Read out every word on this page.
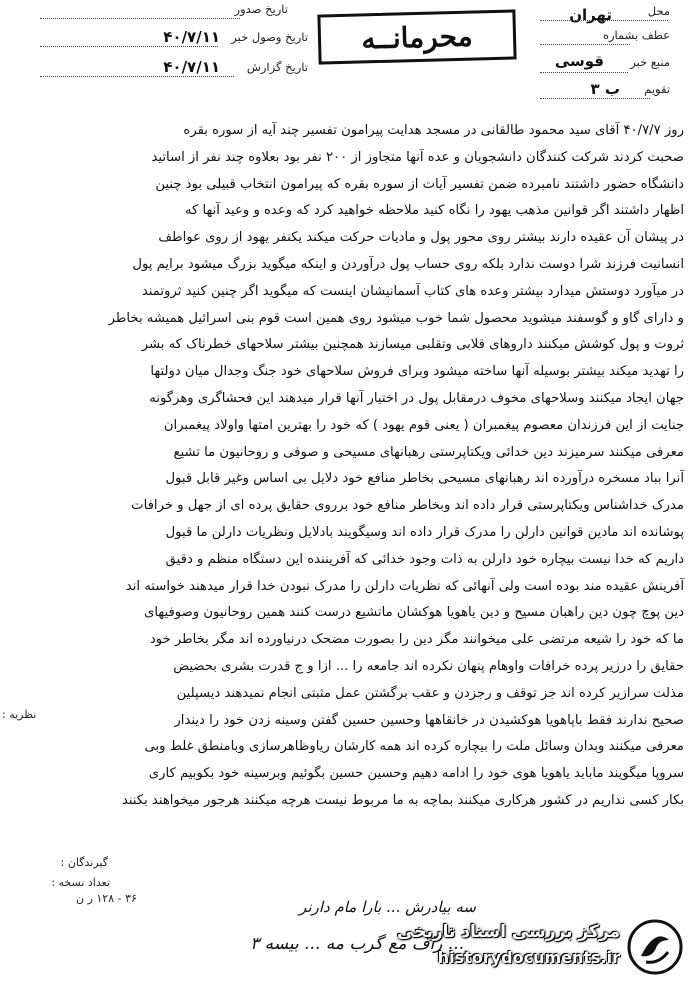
محل
تهران
عطف بشماره
منبع خبر
قوسی
تقویم
ب ۳
محرمانــه
تاریخ صدور
تاریخ وصول خبر
۴۰/۷/۱۱
تاریخ گزارش
۴۰/۷/۱۱

روز ۴۰/۷/۷ آقای سید محمود طالقانی در مسجد هدایت پیرامون تفسیر چند آیه از سوره بقره

صحبت کردند شرکت کنندگان دانشجویان و عده آنها متجاوز از ۲۰۰ نفر بود بعلاوه چند نفر از اساتید

دانشگاه حضور داشتند نامبرده ضمن تفسیر آیات از سوره بقره که پیرامون انتخاب قبیلی بود چنین

اظهار داشتند اگر قوانین مذهب یهود را نگاه کنید ملاحظه خواهید کرد که وعده و وعید آنها که

در پیشان آن عقیده دارند بیشتر روی محور پول و مادیات حرکت میکند یکنفر یهود از روی عواطف

انسانیت فرزند شرا دوست ندارد بلکه روی حساب پول درآوردن و اینکه میگوید بزرگ میشود برایم پول

در میآورد دوستش میدارد بیشتر وعده های کتاب آسمانیشان اینست که میگوید اگر چنین کنید ثروتمند

و دارای گاو و گوسفند میشوید محصول شما خوب میشود روی همین است قوم بنی اسرائیل همیشه بخاطر

ثروت و پول کوشش میکنند داروهای قلابی وتقلبی میسازند همچنین بیشتر سلاحهای خطرناک که بشر

را تهدید میکند بیشتر بوسیله آنها ساخته میشود وبرای فروش سلاحهای خود جنگ وجدال میان دولتها

جهان ایجاد میکنند وسلاحهای مخوف درمقابل پول در اختیار آنها قرار میدهند این فحشاگری وهرگونه

جنایت از این فرزندان معصوم پیغمبران ( یعنی قوم یهود ) که خود را بهترین امتها واولاد پیغمبران

معرفی میکنند سرمیزند دین خدائی ویکتاپرستی رهبانهای مسیحی و صوفی و روحانیون ما تشیع

آنرا بباد مسخره درآورده اند رهبانهای مسیحی بخاطر منافع خود دلایل بی اساس وغیر قابل قبول

مدرک خداشناس ویکتاپرستی قرار داده اند وبخاطر منافع خود برروی حقایق پرده ای از جهل و خرافات

پوشانده اند مادین قوانین دارلن را مدرک قرار داده اند وسیگویند بادلایل ونظریات دارلن ما قبول

داریم که خدا نیست بیچاره خود دارلن به ذات وجود خدائی که آفریننده این دستگاه منظم و دقیق

آفرینش عقیده مند بوده است ولی آنهائی که نظریات دارلن را مدرک نبودن خدا قرار میدهند خواسته اند

دین پوچ چون دین راهبان مسیح و دین یاهویا هوکشان ماتشیع درست کنند همین روحانیون وصوفیهای

ما که خود را شیعه مرتضی علی میخوانند مگر دین را بصورت مضحک درنیاورده اند مگر بخاطر خود

حقایق را درزیر پرده خرافات واوهام پنهان نکرده اند جامعه را ... ازا و ج قدرت بشری بحضیض

مذلت سرازیر کرده اند جز توقف و رجزدن و عقب برگشتن عمل مثبتی انجام نمیدهند دیسپلین

صحیح ندارند فقط باپاهویا هوکشیدن در خانقاهها وحسین حسین گفتن وسینه زدن خود را دیندار

معرفی میکنند وبدان وسائل ملت را بیچاره کرده اند همه کارشان ریاوظاهرسازی وبامنطق غلط وبی

سروپا میگویند ماباید یاهویا هوی خود را ادامه دهیم وحسین حسین بگوئیم وبرسینه خود بکوبیم کاری

بکار کسی نداریم در کشور هرکاری میکنند بماچه به ما مربوط نیست هرچه میکنند هرجور میخواهند بکنند

نظریه :
گیرندگان :
تعداد نسخه :
۳۶ - ۱۲۸ ر ن	سه بیادرش ... بارا مام دارنر
... راف مع گرب مه ... بیسه ۳
مرکز بررسی اسناد تاریخی
historydocuments.ir
